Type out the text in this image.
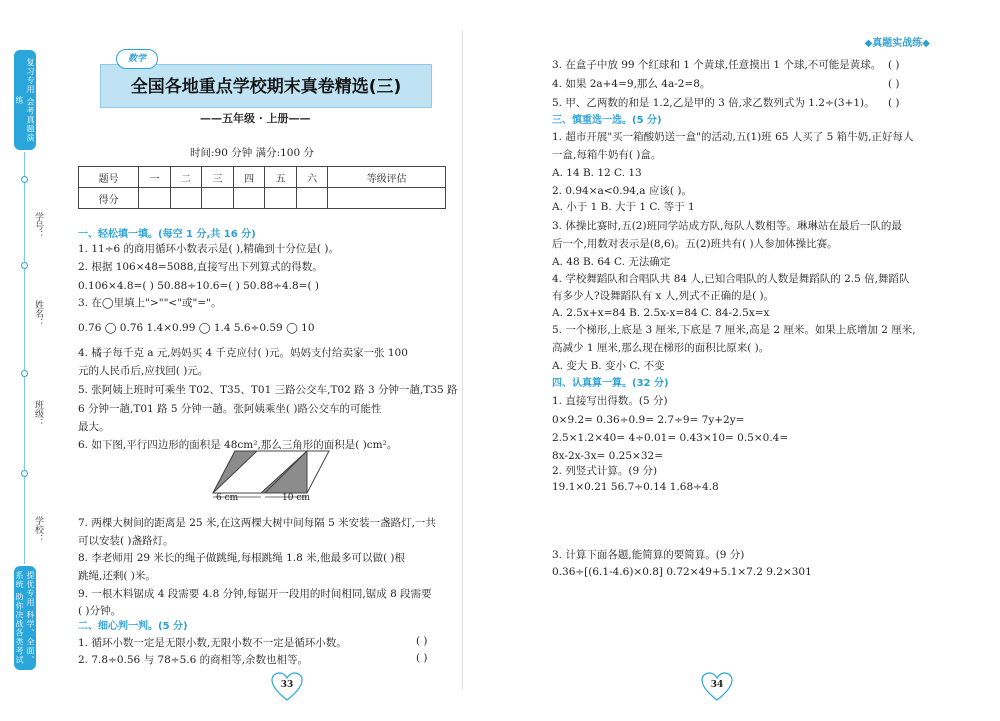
复习专用 会考真题演练
学号：
姓名：
班级：
学校：
提优专用 科学、全面、系统 助你决战各类考试
全国各地重点学校期末真卷精选(三)
数学
——五年级 · 上册——
时间:90 分钟 满分:100 分
◆真题实战练◆
题号	一	二	三	四	五	六	等级评估
得分							
一、轻松填一填。(每空 1 分,共 16 分)
1. 11÷6 的商用循环小数表示是( ),精确到十分位是( )。
2. 根据 106×48=5088,直接写出下列算式的得数。
0.106×4.8=( ) 50.88÷10.6=( ) 50.88÷4.8=( )
3. 在◯里填上">""<"或"="。
0.7̇6 ◯ 0.7̇6̇ 1.4×0.99 ◯ 1.4 5.6÷0.59 ◯ 10
4. 橘子每千克 a 元,妈妈买 4 千克应付( )元。妈妈支付给卖家一张 100
元的人民币后,应找回( )元。
5. 张阿姨上班时可乘坐 T02、T35、T01 三路公交车,T02 路 3 分钟一趟,T35 路
6 分钟一趟,T01 路 5 分钟一趟。张阿姨乘坐( )路公交车的可能性
最大。
6. 如下图,平行四边形的面积是 48cm²,那么三角形的面积是( )cm²。
7. 两棵大树间的距离是 25 米,在这两棵大树中间每隔 5 米安装一盏路灯,一共
可以安装( )盏路灯。
8. 李老师用 29 米长的绳子做跳绳,每根跳绳 1.8 米,他最多可以做( )根
跳绳,还剩( )米。
9. 一根木料锯成 4 段需要 4.8 分钟,每锯开一段用的时间相同,锯成 8 段需要
( )分钟。
二、细心判一判。(5 分)
1. 循环小数一定是无限小数,无限小数不一定是循环小数。
2. 7.8÷0.56 与 78÷5.6 的商相等,余数也相等。
6 cm	10 cm
( )
( )
3. 在盒子中放 99 个红球和 1 个黄球,任意摸出 1 个球,不可能是黄球。 ( )
4. 如果 2a+4=9,那么 4a-2=8。	( )
5. 甲、乙两数的和是 1.2,乙是甲的 3 倍,求乙数列式为 1.2÷(3+1)。 ( )
三、慎重选一选。(5 分)
1. 超市开展"买一箱酸奶送一盒"的活动,五(1)班 65 人买了 5 箱牛奶,正好每人
一盒,每箱牛奶有( )盒。
A. 14 B. 12 C. 13
2. 0.94×a<0.94,a 应该( )。
A. 小于 1 B. 大于 1 C. 等于 1
3. 体操比赛时,五(2)班同学站成方队,每队人数相等。琳琳站在最后一队的最
后一个,用数对表示是(8,6)。五(2)班共有( )人参加体操比赛。
A. 48 B. 64 C. 无法确定
4. 学校舞蹈队和合唱队共 84 人,已知合唱队的人数是舞蹈队的 2.5 倍,舞蹈队
有多少人?设舞蹈队有 x 人,列式不正确的是( )。
A. 2.5x+x=84 B. 2.5x-x=84 C. 84-2.5x=x
5. 一个梯形,上底是 3 厘米,下底是 7 厘米,高是 2 厘米。如果上底增加 2 厘米,
高减少 1 厘米,那么现在梯形的面积比原来( )。
A. 变大 B. 变小 C. 不变
四、认真算一算。(32 分)
1. 直接写出得数。(5 分)
0×9.2= 0.36÷0.9= 2.7÷9= 7y+2y=
2.5×1.2×40= 4÷0.01= 0.43×10= 0.5×0.4=
8x-2x-3x= 0.25×32=
2. 列竖式计算。(9 分)
19.1×0.21 56.7÷0.14 1.68÷4.8
3. 计算下面各题,能简算的要简算。(9 分)
0.36÷[(6.1-4.6)×0.8] 0.72×49+5.1×7.2 9.2×301
33	34
